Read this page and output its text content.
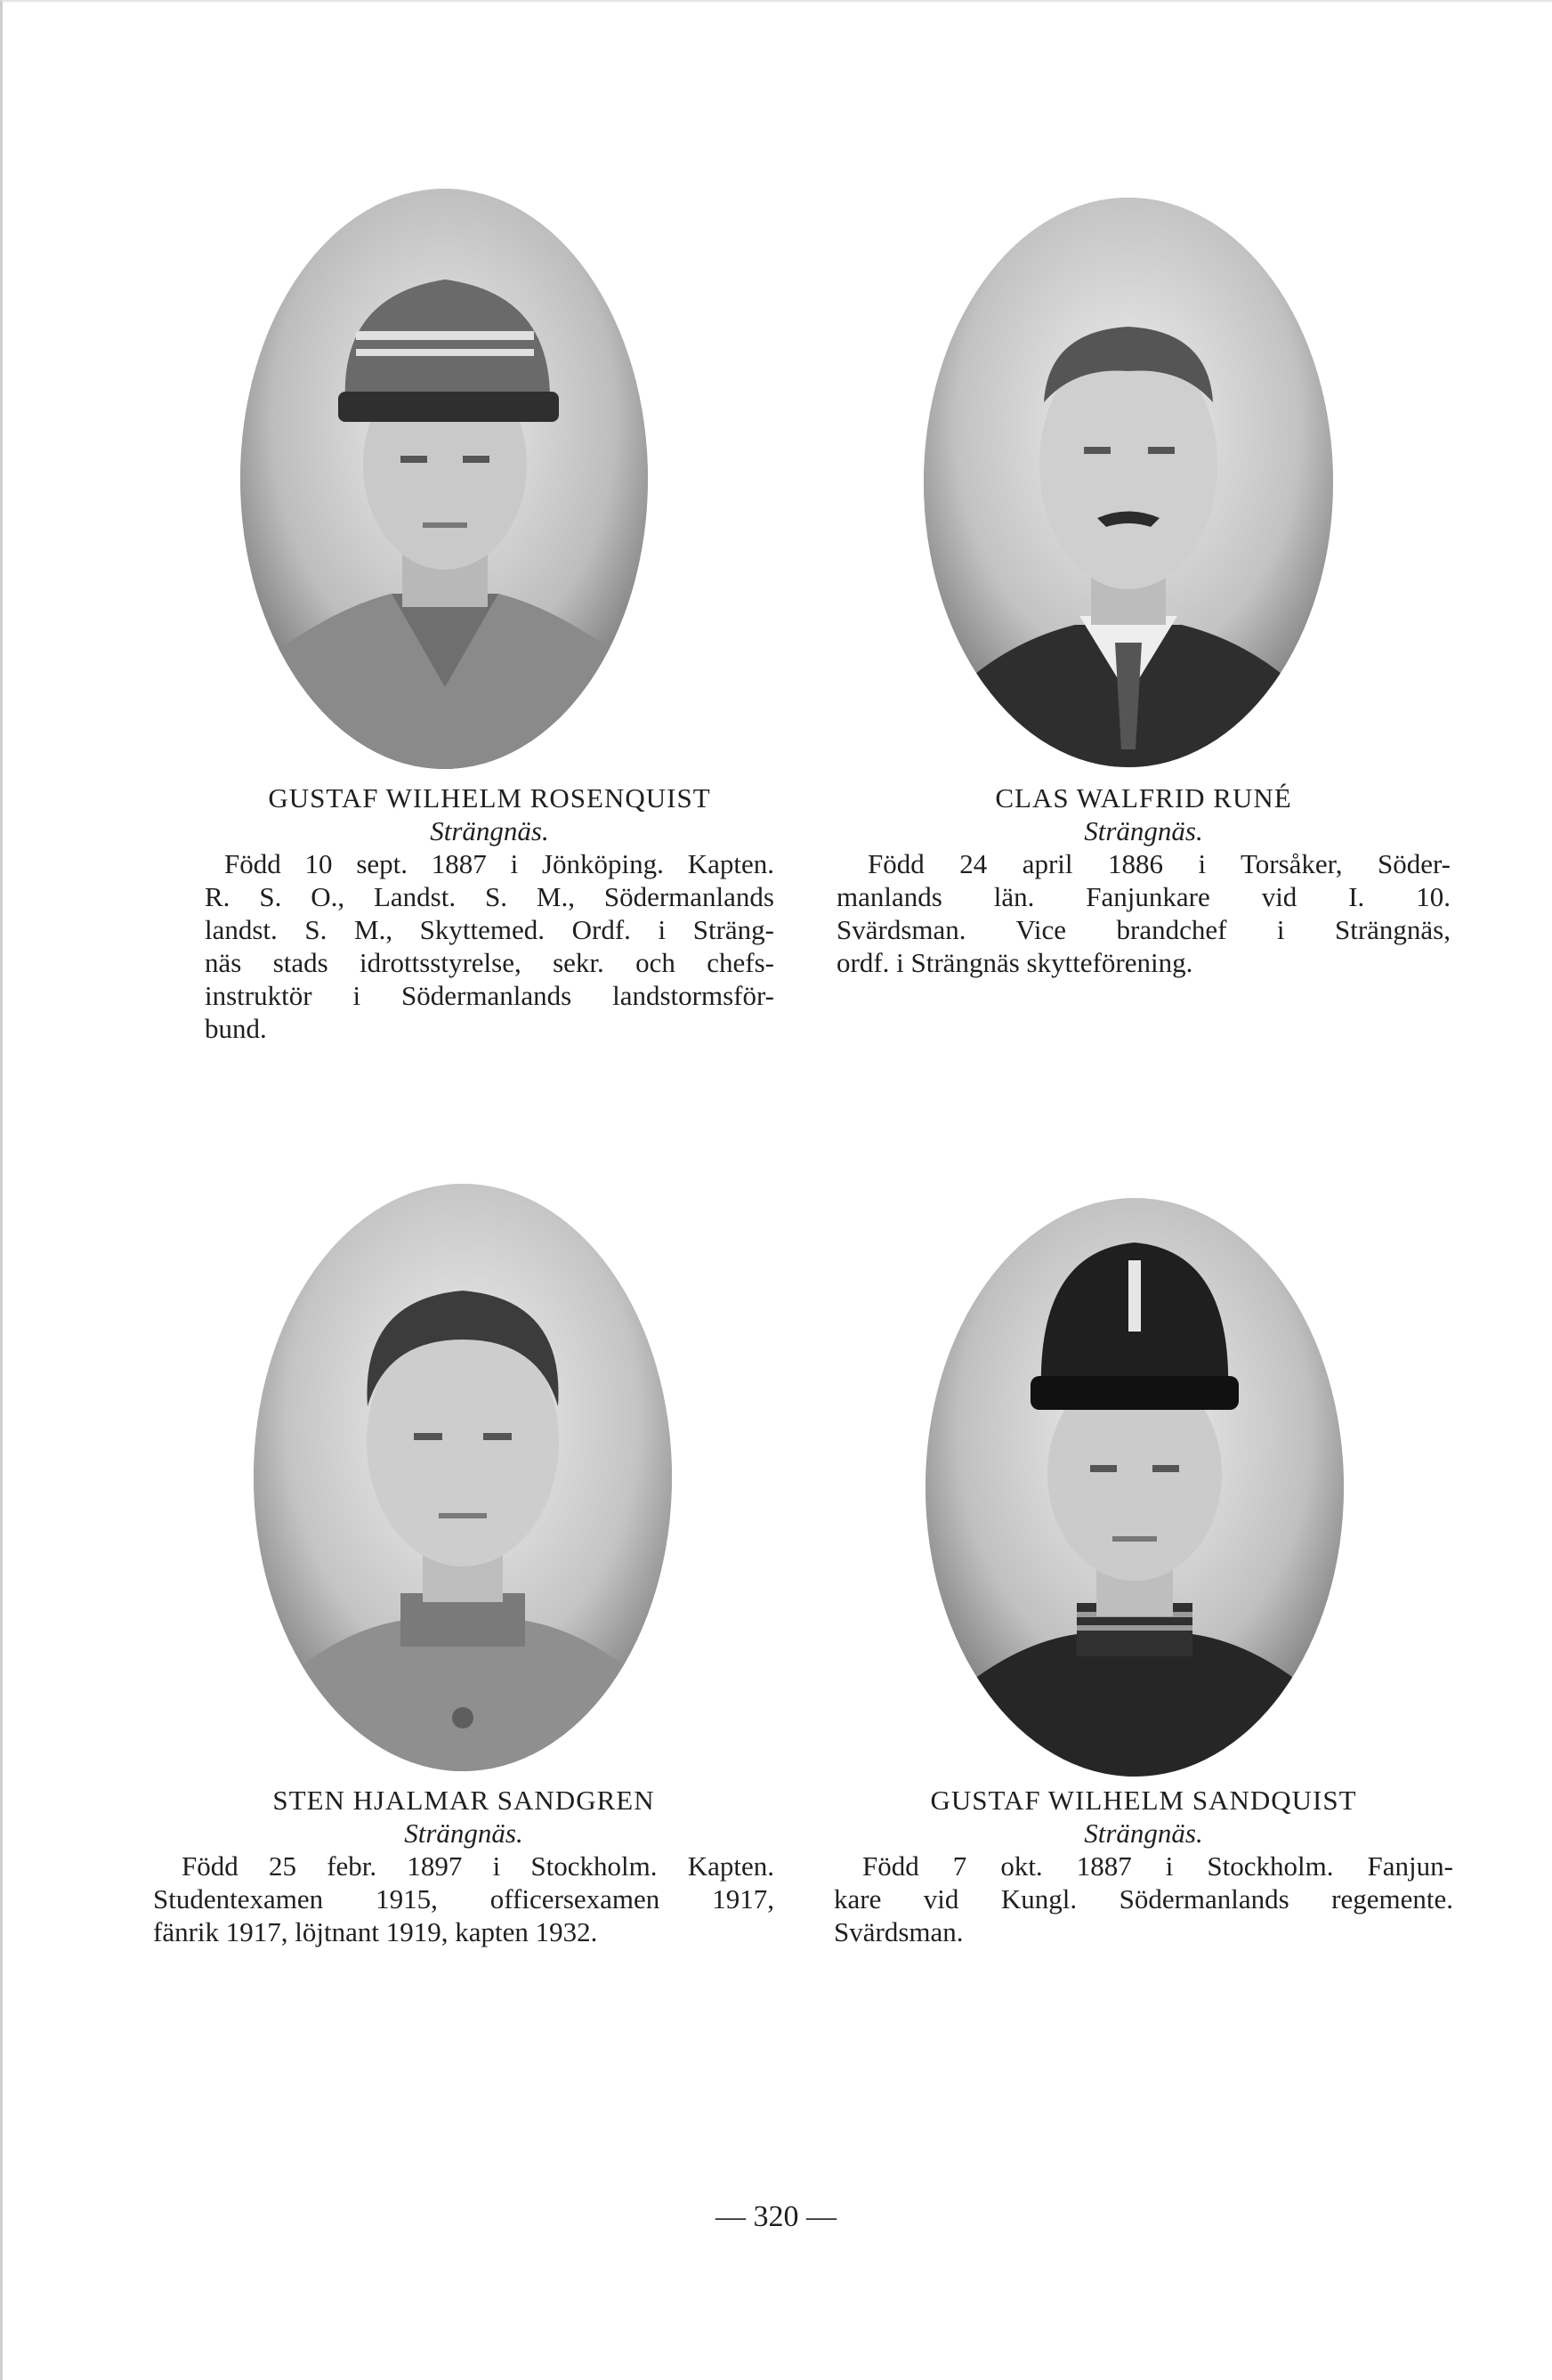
GUSTAF WILHELM ROSENQUIST
Strängnäs.
Född 10 sept. 1887 i Jönköping. Kapten.
R. S. O., Landst. S. M., Södermanlands
landst. S. M., Skyttemed. Ordf. i Sträng-
näs stads idrottsstyrelse, sekr. och chefs-
instruktör i Södermanlands landstormsför-
bund.
CLAS WALFRID RUNÉ
Strängnäs.
Född 24 april 1886 i Torsåker, Söder-
manlands län. Fanjunkare vid I. 10.
Svärdsman. Vice brandchef i Strängnäs,
ordf. i Strängnäs skytteförening.
STEN HJALMAR SANDGREN
Strängnäs.
Född 25 febr. 1897 i Stockholm. Kapten.
Studentexamen 1915, officersexamen 1917,
fänrik 1917, löjtnant 1919, kapten 1932.
GUSTAF WILHELM SANDQUIST
Strängnäs.
Född 7 okt. 1887 i Stockholm. Fanjun-
kare vid Kungl. Södermanlands regemente.
Svärdsman.
— 320 —
